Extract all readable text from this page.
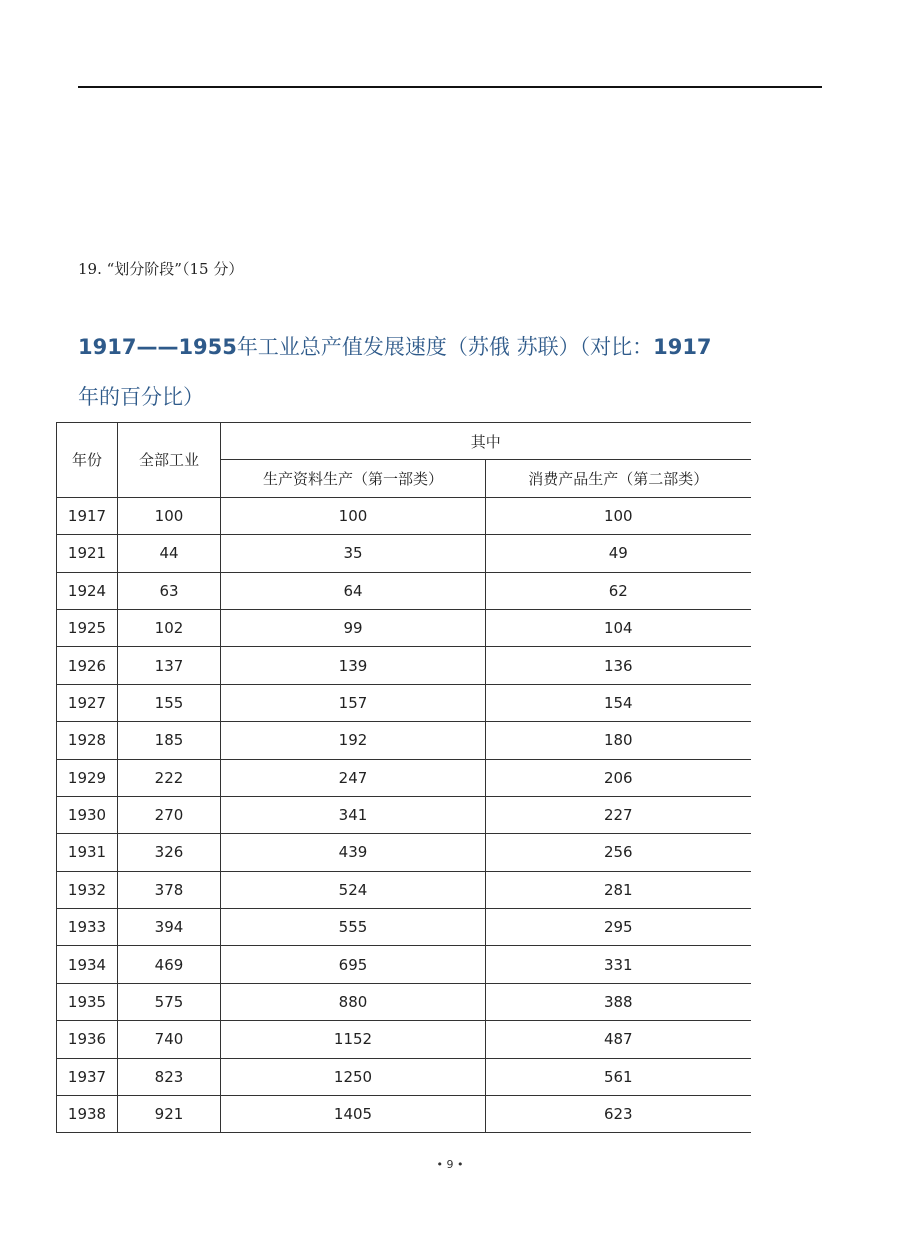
19. “划分阶段”（15 分）
1917——1955年工业总产值发展速度（苏俄 苏联）（对比：1917年的百分比）
年份	全部工业	其中	
		生产资料生产（第一部类）	消费产品生产（第二部类）
1917	100	100	100
1921	44	35	49
1924	63	64	62
1925	102	99	104
1926	137	139	136
1927	155	157	154
1928	185	192	180
1929	222	247	206
1930	270	341	227
1931	326	439	256
1932	378	524	281
1933	394	555	295
1934	469	695	331
1935	575	880	388
1936	740	1152	487
1937	823	1250	561
1938	921	1405	623
• 9 •
